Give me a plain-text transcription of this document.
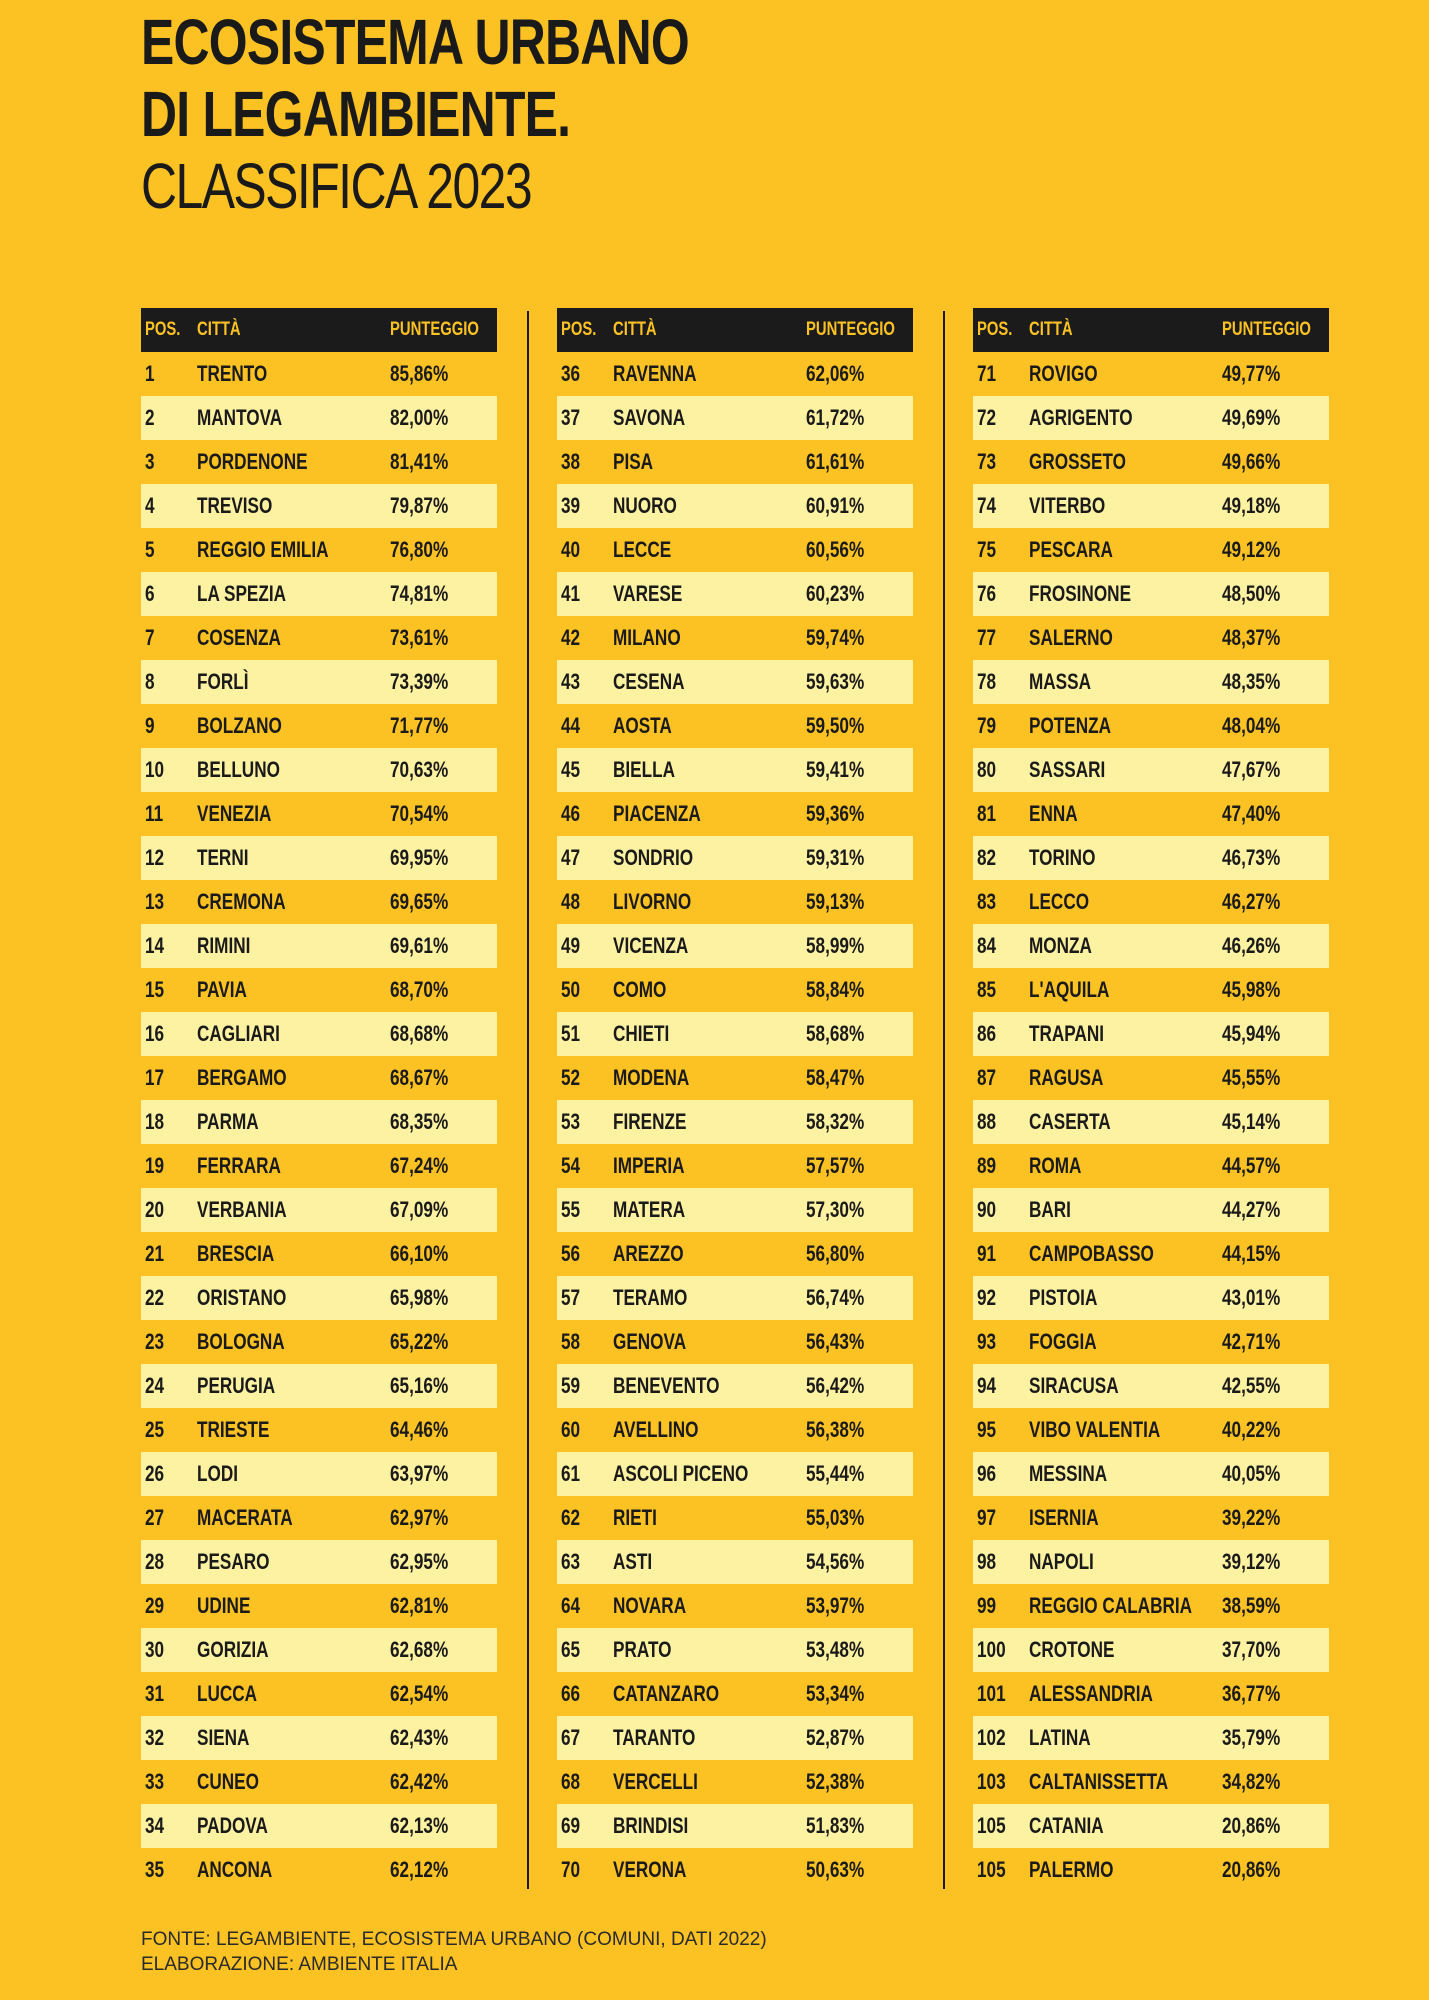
ECOSISTEMA URBANO
DI LEGAMBIENTE.
CLASSIFICA 2023
POS. CITTÀ	PUNTEGGIO
1	TRENTO	85,86%
2	MANTOVA	82,00%
3	PORDENONE	81,41%
4	TREVISO	79,87%
5	REGGIO EMILIA	76,80%
6	LA SPEZIA	74,81%
7	COSENZA	73,61%
8	FORLÌ	73,39%
9	BOLZANO	71,77%
10	BELLUNO	70,63%
11	VENEZIA	70,54%
12	TERNI	69,95%
13	CREMONA	69,65%
14	RIMINI	69,61%
15	PAVIA	68,70%
16	CAGLIARI	68,68%
17	BERGAMO	68,67%
18	PARMA	68,35%
19	FERRARA	67,24%
20	VERBANIA	67,09%
21	BRESCIA	66,10%
22	ORISTANO	65,98%
23	BOLOGNA	65,22%
24	PERUGIA	65,16%
25	TRIESTE	64,46%
26	LODI	63,97%
27	MACERATA	62,97%
28	PESARO	62,95%
29	UDINE	62,81%
30	GORIZIA	62,68%
31	LUCCA	62,54%
32	SIENA	62,43%
33	CUNEO	62,42%
34	PADOVA	62,13%
35	ANCONA	62,12%
POS. CITTÀ	PUNTEGGIO
36	RAVENNA	62,06%
37	SAVONA	61,72%
38	PISA	61,61%
39	NUORO	60,91%
40	LECCE	60,56%
41	VARESE	60,23%
42	MILANO	59,74%
43	CESENA	59,63%
44	AOSTA	59,50%
45	BIELLA	59,41%
46	PIACENZA	59,36%
47	SONDRIO	59,31%
48	LIVORNO	59,13%
49	VICENZA	58,99%
50	COMO	58,84%
51	CHIETI	58,68%
52	MODENA	58,47%
53	FIRENZE	58,32%
54	IMPERIA	57,57%
55	MATERA	57,30%
56	AREZZO	56,80%
57	TERAMO	56,74%
58	GENOVA	56,43%
59	BENEVENTO	56,42%
60	AVELLINO	56,38%
61	ASCOLI PICENO	55,44%
62	RIETI	55,03%
63	ASTI	54,56%
64	NOVARA	53,97%
65	PRATO	53,48%
66	CATANZARO	53,34%
67	TARANTO	52,87%
68	VERCELLI	52,38%
69	BRINDISI	51,83%
70	VERONA	50,63%
POS. CITTÀ	PUNTEGGIO
71	ROVIGO	49,77%
72	AGRIGENTO	49,69%
73	GROSSETO	49,66%
74	VITERBO	49,18%
75	PESCARA	49,12%
76	FROSINONE	48,50%
77	SALERNO	48,37%
78	MASSA	48,35%
79	POTENZA	48,04%
80	SASSARI	47,67%
81	ENNA	47,40%
82	TORINO	46,73%
83	LECCO	46,27%
84	MONZA	46,26%
85	L'AQUILA	45,98%
86	TRAPANI	45,94%
87	RAGUSA	45,55%
88	CASERTA	45,14%
89	ROMA	44,57%
90	BARI	44,27%
91	CAMPOBASSO	44,15%
92	PISTOIA	43,01%
93	FOGGIA	42,71%
94	SIRACUSA	42,55%
95	VIBO VALENTIA	40,22%
96	MESSINA	40,05%
97	ISERNIA	39,22%
98	NAPOLI	39,12%
99	REGGIO CALABRIA	38,59%
100	CROTONE	37,70%
101	ALESSANDRIA	36,77%
102	LATINA	35,79%
103	CALTANISSETTA	34,82%
105	CATANIA	20,86%
105	PALERMO	20,86%
FONTE: LEGAMBIENTE, ECOSISTEMA URBANO (COMUNI, DATI 2022)
ELABORAZIONE: AMBIENTE ITALIA
